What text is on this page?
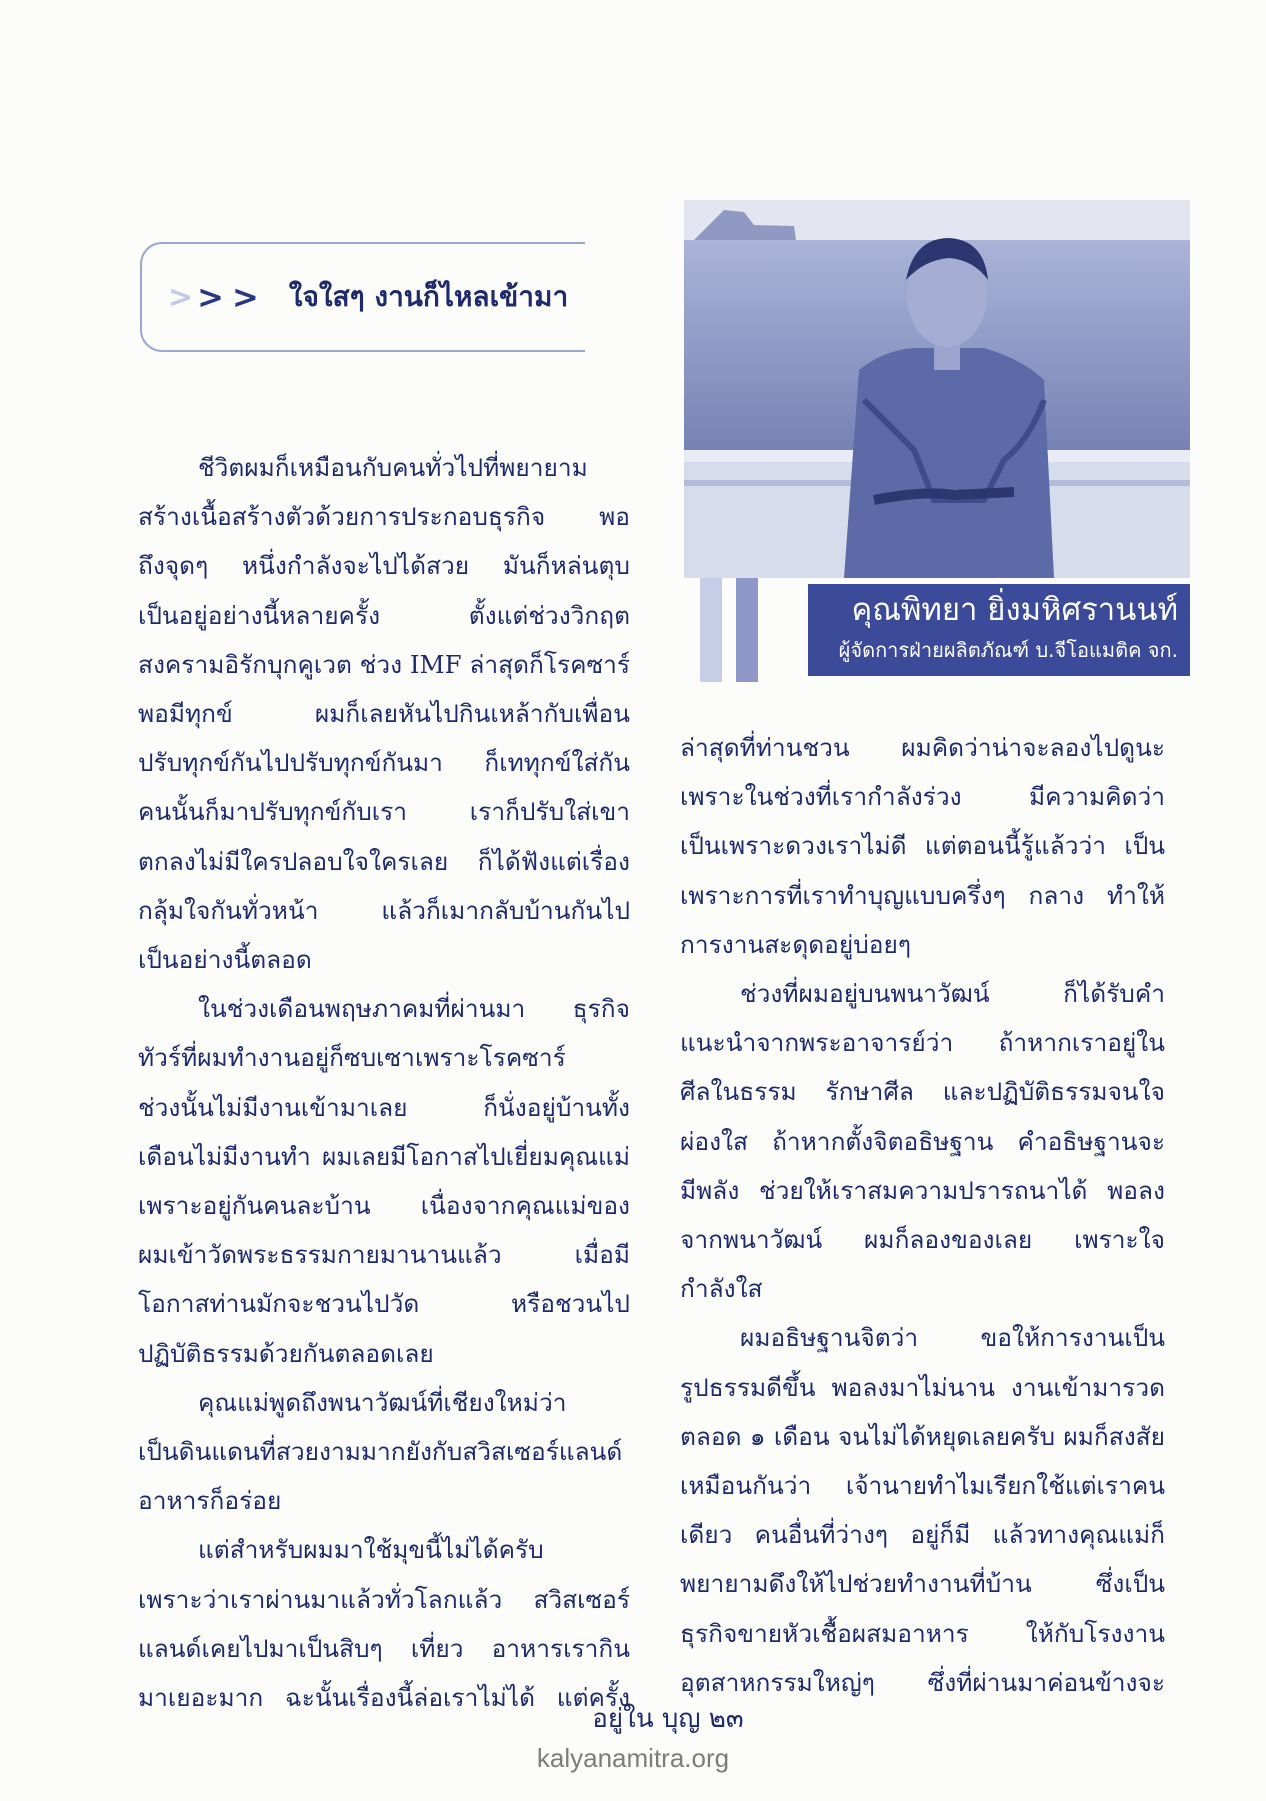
> > > ใจใสๆ งานก็ไหลเข้ามา
คุณพิทยา ยิ่งมหิศรานนท์
ผู้จัดการฝ่ายผลิตภัณฑ์ บ.จีโอแมติค จก.

ชีวิตผมก็เหมือนกับคนทั่วไปที่พยายาม

สร้างเนื้อสร้างตัวด้วยการประกอบธุรกิจ พอ

ถึงจุดๆ หนึ่งกำลังจะไปได้สวย มันก็หล่นตุบ

เป็นอยู่อย่างนี้หลายครั้ง ตั้งแต่ช่วงวิกฤต

สงครามอิรักบุกคูเวต ช่วง IMF ล่าสุดก็โรคซาร์

พอมีทุกข์ ผมก็เลยหันไปกินเหล้ากับเพื่อน

ปรับทุกข์กันไปปรับทุกข์กันมา ก็เททุกข์ใส่กัน

คนนั้นก็มาปรับทุกข์กับเรา เราก็ปรับใส่เขา

ตกลงไม่มีใครปลอบใจใครเลย ก็ได้ฟังแต่เรื่อง

กลุ้มใจกันทั่วหน้า แล้วก็เมากลับบ้านกันไป

เป็นอย่างนี้ตลอด

ในช่วงเดือนพฤษภาคมที่ผ่านมา ธุรกิจ

ทัวร์ที่ผมทำงานอยู่ก็ซบเซาเพราะโรคซาร์

ช่วงนั้นไม่มีงานเข้ามาเลย ก็นั่งอยู่บ้านทั้ง

เดือนไม่มีงานทำ ผมเลยมีโอกาสไปเยี่ยมคุณแม่

เพราะอยู่กันคนละบ้าน เนื่องจากคุณแม่ของ

ผมเข้าวัดพระธรรมกายมานานแล้ว เมื่อมี

โอกาสท่านมักจะชวนไปวัด หรือชวนไป

ปฏิบัติธรรมด้วยกันตลอดเลย

คุณแม่พูดถึงพนาวัฒน์ที่เชียงใหม่ว่า

เป็นดินแดนที่สวยงามมากยังกับสวิสเซอร์แลนด์

อาหารก็อร่อย

แต่สำหรับผมมาใช้มุขนี้ไม่ได้ครับ

เพราะว่าเราผ่านมาแล้วทั่วโลกแล้ว สวิสเซอร์

แลนด์เคยไปมาเป็นสิบๆ เที่ยว อาหารเรากิน

มาเยอะมาก ฉะนั้นเรื่องนี้ล่อเราไม่ได้ แต่ครั้ง

ล่าสุดที่ท่านชวน ผมคิดว่าน่าจะลองไปดูนะ

เพราะในช่วงที่เรากำลังร่วง มีความคิดว่า

เป็นเพราะดวงเราไม่ดี แต่ตอนนี้รู้แล้วว่า เป็น

เพราะการที่เราทำบุญแบบครึ่งๆ กลาง ทำให้

การงานสะดุดอยู่บ่อยๆ

ช่วงที่ผมอยู่บนพนาวัฒน์ ก็ได้รับคำ

แนะนำจากพระอาจารย์ว่า ถ้าหากเราอยู่ใน

ศีลในธรรม รักษาศีล และปฏิบัติธรรมจนใจ

ผ่องใส ถ้าหากตั้งจิตอธิษฐาน คำอธิษฐานจะ

มีพลัง ช่วยให้เราสมความปรารถนาได้ พอลง

จากพนาวัฒน์ ผมก็ลองของเลย เพราะใจ

กำลังใส

ผมอธิษฐานจิตว่า ขอให้การงานเป็น

รูปธรรมดีขึ้น พอลงมาไม่นาน งานเข้ามารวด

ตลอด ๑ เดือน จนไม่ได้หยุดเลยครับ ผมก็สงสัย

เหมือนกันว่า เจ้านายทำไมเรียกใช้แต่เราคน

เดียว คนอื่นที่ว่างๆ อยู่ก็มี แล้วทางคุณแม่ก็

พยายามดึงให้ไปช่วยทำงานที่บ้าน ซึ่งเป็น

ธุรกิจขายหัวเชื้อผสมอาหาร ให้กับโรงงาน

อุตสาหกรรมใหญ่ๆ ซึ่งที่ผ่านมาค่อนข้างจะ

อยู่ใน บุญ ๒๓
kalyanamitra.org
